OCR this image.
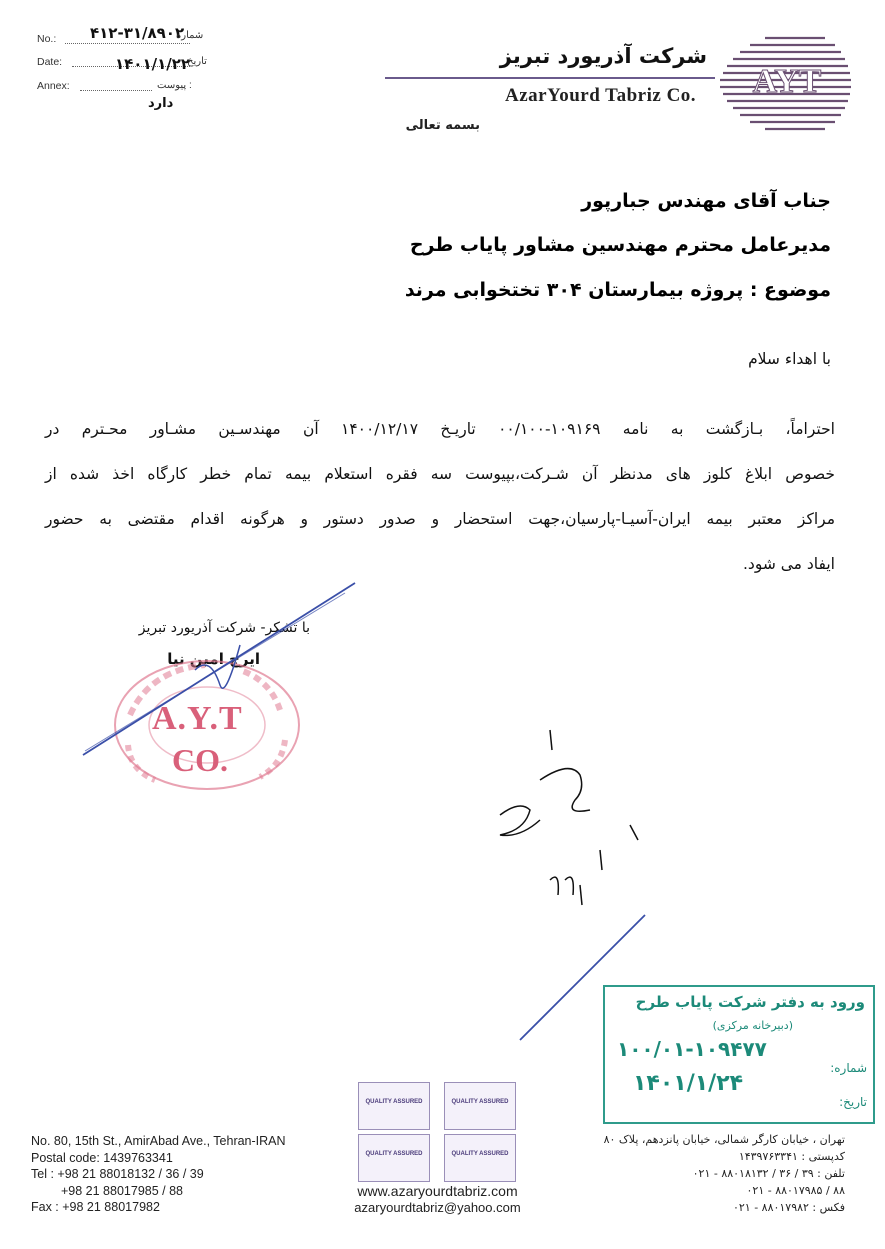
No.: ۴۱۲-۳۱/۸۹۰۲
شماره
Date:	۱۴۰۱/۱/۲۲
تاریخ
Annex:	پیوست :
دارد
شرکت آذریورد تبریز
AzarYourd Tabriz Co. AYT
بسمه تعالی
جناب آقای مهندس جبارپور
مدیرعامل محترم مهندسین مشاور پایاب طرح
موضوع : پروژه بیمارستان ۳۰۴ تختخوابی مرند
با اهداء سلام
احتراماً، بـازگشت به نامه ۱۰۹۱۶۹-۰۰/۱۰۰ تاریـخ ۱۴۰۰/۱۲/۱۷ آن مهندسـین مشـاور محـترم در
خصوص ابلاغ کلوز های مدنظر آن شـرکت،بپیوست سه فقره استعلام بیمه تمام خطر کارگاه اخذ شده از
مراکز معتبر بیمه ایران-آسیـا-پارسیان،جهت استحضار و صدور دستور و هرگونه اقدام مقتضی به حضور
ایفاد می شود.
با تشکر- شرکت آذریورد تبریز
ایرج امین نیا
A.Y.T
CO.
ورود به دفتر شرکت پایاب طرح
(دبیرخانه مرکزی)
شماره:
۱۰۰/۰۱-۱۰۹۴۷۷
تاریخ:
۱۴۰۱/۱/۲۴
No. 80, 15th St., AmirAbad Ave., Tehran-IRAN
Postal code: 1439763341
Tel : +98 21 88018132 / 36 / 39
+98 21 88017985 / 88
Fax : +98 21 88017982
QUALITY ASSURED	QUALITY ASSURED
QUALITY ASSURED	QUALITY ASSURED
www.azaryourdtabriz.com
azaryourdtabriz@yahoo.com
تهران ، خیابان کارگر شمالی، خیابان پانزدهم، پلاک ۸۰
کدپستی : ۱۴۳۹۷۶۳۳۴۱
تلفن : ۳۹ / ۳۶ / ۸۸۰۱۸۱۳۲ - ۰۲۱
۸۸ / ۸۸۰۱۷۹۸۵ - ۰۲۱
فکس : ۸۸۰۱۷۹۸۲ - ۰۲۱
